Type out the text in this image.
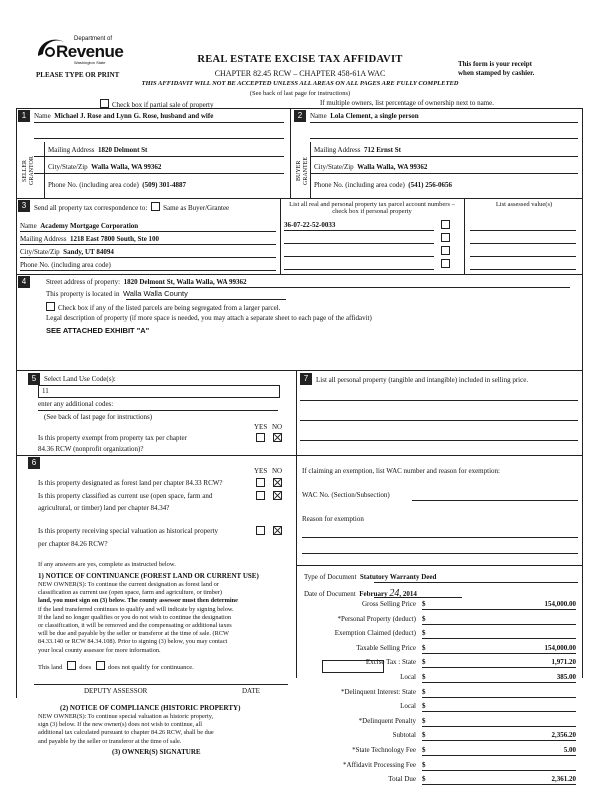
Department of
Revenue
Washington State
PLEASE TYPE OR PRINT
REAL ESTATE EXCISE TAX AFFIDAVIT
CHAPTER 82.45 RCW – CHAPTER 458-61A WAC
THIS AFFIDAVIT WILL NOT BE ACCEPTED UNLESS ALL AREAS ON ALL PAGES ARE FULLY COMPLETED
(See back of last page for instructions)
This form is your receipt
when stamped by cashier.
Check box if partial sale of property	If multiple owners, list percentage of ownership next to name.
1
SELLER GRANTOR
Name Michael J. Rose and Lynn G. Rose, husband and wife
Mailing Address 1820 Delmont St
City/State/Zip Walla Walla, WA 99362
Phone No. (including area code) (509) 301-4887
2
BUYER GRANTEE
Name Lola Clement, a single person
Mailing Address 712 Ernst St
City/State/Zip Walla Walla, WA 99362
Phone No. (including area code) (541) 256-0656
3	Send all property tax correspondence to: Same as Buyer/Grantee
Name Academy Mortgage Corporation
Mailing Address 1218 East 7800 South, Ste 100
City/State/Zip Sandy, UT 84094
Phone No. (including area code)
List all real and personal property tax parcel account numbers – check box if personal property
List assessed value(s)
36-07-22-52-0033
4	Street address of property: 1820 Delmont St, Walla Walla, WA 99362
This property is located in Walla Walla County
Check box if any of the listed parcels are being segregated from a larger parcel.
Legal description of property (if more space is needed, you may attach a separate sheet to each page of the affidavit)
SEE ATTACHED EXHIBIT "A"
5	Select Land Use Code(s):
11
enter any additional codes:
(See back of last page for instructions)
YES NO
Is this property exempt from property tax per chapter
84.36 RCW (nonprofit organization)?
6
YES NO
Is this property designated as forest land per chapter 84.33 RCW?
Is this property classified as current use (open space, farm and
agricultural, or timber) land per chapter 84.34?
Is this property receiving special valuation as historical property
per chapter 84.26 RCW?
If any answers are yes, complete as instructed below.
1) NOTICE OF CONTINUANCE (FOREST LAND OR CURRENT USE)
NEW OWNER(S): To continue the current designation as forest land or
classification as current use (open space, farm and agriculture, or timber)
land, you must sign on (3) below. The county assessor must then determine
if the land transferred continues to qualify and will indicate by signing below.
If the land no longer qualifies or you do not wish to continue the designation
or classification, it will be removed and the compensating or additional taxes
will be due and payable by the seller or transferor at the time of sale. (RCW
84.33.140 or RCW 84.34.108). Prior to signing (3) below, you may contact
your local county assessor for more information.
This land	does	does not qualify for continuance.
DEPUTY ASSESSOR	DATE
(2) NOTICE OF COMPLIANCE (HISTORIC PROPERTY)
NEW OWNER(S): To continue special valuation as historic property,
sign (3) below. If the new owner(s) does not wish to continue, all
additional tax calculated pursuant to chapter 84.26 RCW, shall be due
and payable by the seller or transferor at the time of sale.
(3) OWNER(S) SIGNATURE
7	List all personal property (tangible and intangible) included in selling price.
If claiming an exemption, list WAC number and reason for exemption:
WAC No. (Section/Subsection)
Reason for exemption
Type of Document Statutory Warranty Deed
Date of Document February 24, 2014
Gross Selling Price $	154,000.00
*Personal Property (deduct) $
Exemption Claimed (deduct) $
Taxable Selling Price $	154,000.00
Excise Tax : State $	1,971.20
Local $	385.00
*Delinquent Interest: State $
Local $
*Delinquent Penalty $
Subtotal $	2,356.20
*State Technology Fee $	5.00
*Affidavit Processing Fee $
Total Due $	2,361.20
